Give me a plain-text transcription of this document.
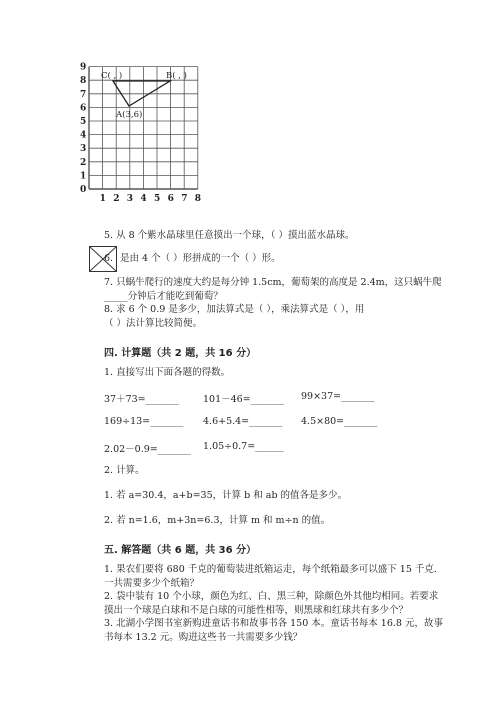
0
1
2
3
4
5
6
7
8
9
1 2 3 4 5 6 7 8
C( , )	B( , )
A(3,6)
5. 从 8 个紫水晶球里任意摸出一个球，（ ）摸出蓝水晶球。
6. 是由 4 个（ ）形拼成的一个（ ）形。
7. 只蜗牛爬行的速度大约是每分钟 1.5cm，葡萄架的高度是 2.4m，这只蜗牛爬
_____分钟后才能吃到葡萄？
8. 求 6 个 0.9 是多少，加法算式是（ ），乘法算式是（ ），用
（ ）法计算比较简便。
四. 计算题（共 2 题，共 16 分）
1. 直接写出下面各题的得数。
37＋73=_______	101－46=_______ 99×37=_______
169÷13=_______ 4.6+5.4=_______ 4.5×80=_______
2.02－0.9=_______ 1.05÷0.7=______
2. 计算。
1. 若 a=30.4，a+b=35，计算 b 和 ab 的值各是多少。
2. 若 n=1.6，m+3n=6.3，计算 m 和 m÷n 的值。
五. 解答题（共 6 题，共 36 分）
1. 果农们要将 680 千克的葡萄装进纸箱运走，每个纸箱最多可以盛下 15 千克.
一共需要多少个纸箱？
2. 袋中装有 10 个小球，颜色为红、白、黑三种，除颜色外其他均相同。若要求
摸出一个球是白球和不是白球的可能性相等，则黑球和红球共有多少个？
3. 北湖小学图书室新购进童话书和故事书各 150 本。童话书每本 16.8 元，故事
书每本 13.2 元。购进这些书一共需要多少钱？
